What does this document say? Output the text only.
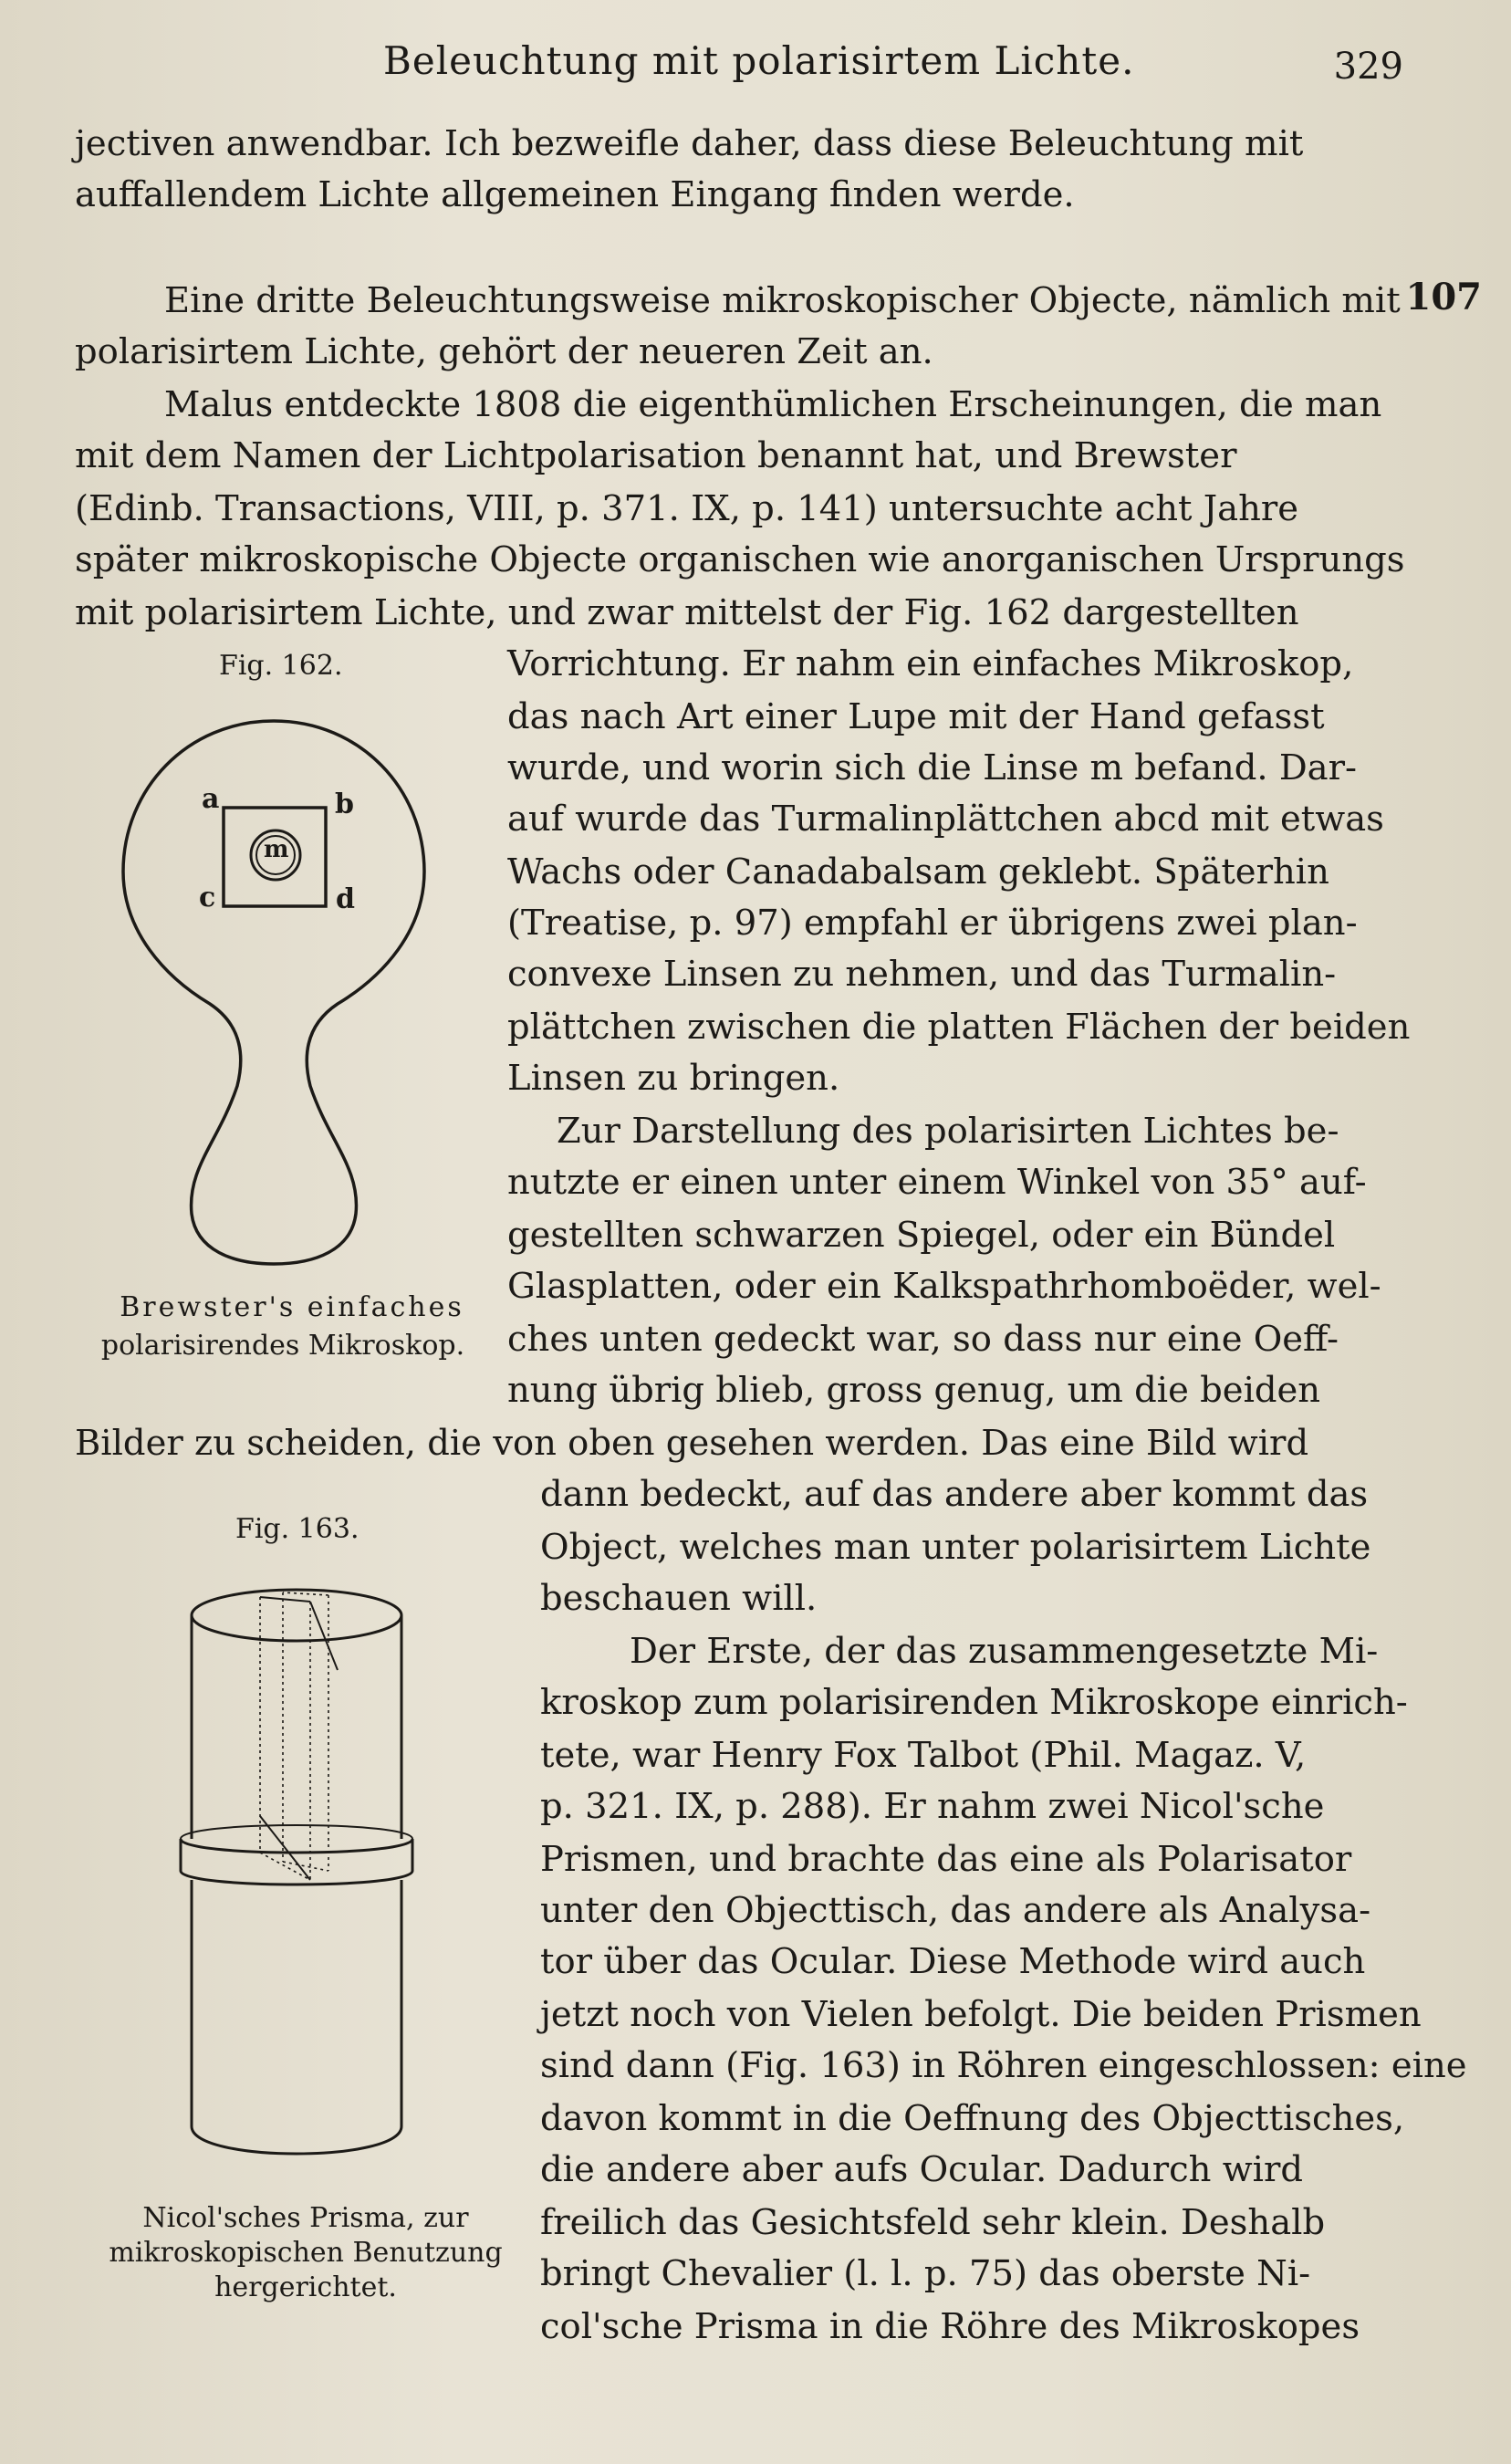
Beleuchtung mit polarisirtem Lichte.	329
107
jectiven anwendbar. Ich bezweifle daher, dass diese Beleuchtung mit
auffallendem Lichte allgemeinen Eingang finden werde.
Eine dritte Beleuchtungsweise mikroskopischer Objecte, nämlich mit
polarisirtem Lichte, gehört der neueren Zeit an.
Malus entdeckte 1808 die eigenthümlichen Erscheinungen, die man
mit dem Namen der Lichtpolarisation benannt hat, und Brewster
(Edinb. Transactions, VIII, p. 371. IX, p. 141) untersuchte acht Jahre
später mikroskopische Objecte organischen wie anorganischen Ursprungs
mit polarisirtem Lichte, und zwar mittelst der Fig. 162 dargestellten
Vorrichtung. Er nahm ein einfaches Mikroskop,
das nach Art einer Lupe mit der Hand gefasst
wurde, und worin sich die Linse m befand. Dar-
auf wurde das Turmalinplättchen abcd mit etwas
Wachs oder Canadabalsam geklebt. Späterhin
(Treatise, p. 97) empfahl er übrigens zwei plan-
convexe Linsen zu nehmen, und das Turmalin-
plättchen zwischen die platten Flächen der beiden
Linsen zu bringen.
Zur Darstellung des polarisirten Lichtes be-
nutzte er einen unter einem Winkel von 35° auf-
gestellten schwarzen Spiegel, oder ein Bündel
Glasplatten, oder ein Kalkspathrhomboëder, wel-
ches unten gedeckt war, so dass nur eine Oeff-
nung übrig blieb, gross genug, um die beiden
Bilder zu scheiden, die von oben gesehen werden. Das eine Bild wird
dann bedeckt, auf das andere aber kommt das
Object, welches man unter polarisirtem Lichte
beschauen will.
Der Erste, der das zusammengesetzte Mi-
kroskop zum polarisirenden Mikroskope einrich-
tete, war Henry Fox Talbot (Phil. Magaz. V,
p. 321. IX, p. 288). Er nahm zwei Nicol'sche
Prismen, und brachte das eine als Polarisator
unter den Objecttisch, das andere als Analysa-
tor über das Ocular. Diese Methode wird auch
jetzt noch von Vielen befolgt. Die beiden Prismen
sind dann (Fig. 163) in Röhren eingeschlossen: eine
davon kommt in die Oeffnung des Objecttisches,
die andere aber aufs Ocular. Dadurch wird
freilich das Gesichtsfeld sehr klein. Deshalb
bringt Chevalier (l. l. p. 75) das oberste Ni-
col'sche Prisma in die Röhre des Mikroskopes
Fig. 162.
a	b
c	d
m
Brewster's einfaches
polarisirendes Mikroskop.
Fig. 163.
Nicol'sches Prisma, zur
mikroskopischen Benutzung
hergerichtet.
